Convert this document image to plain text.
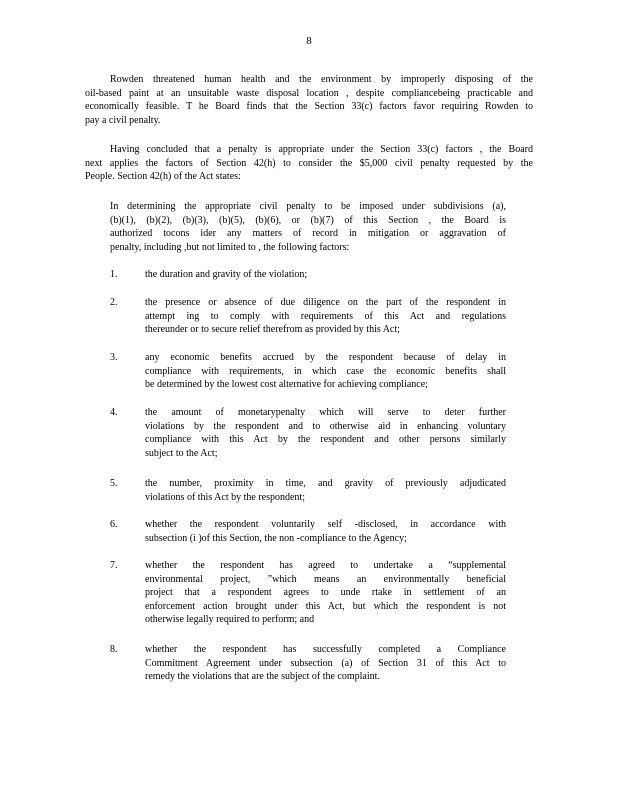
8
Rowden threatened human health and the environment by improperly disposing of the
oil-based paint at an unsuitable waste disposal location , despite compliancebeing practicable and
economically feasible. T he Board finds that the Section 33(c) factors favor requiring Rowden to
pay a civil penalty.
Having concluded that a penalty is appropriate under the Section 33(c) factors , the Board
next applies the factors of Section 42(h) to consider the $5,000 civil penalty requested by the
People. Section 42(h) of the Act states:
In determining the appropriate civil penalty to be imposed under subdivisions (a),
(b)(1), (b)(2), (b)(3), (b)(5), (b)(6), or (b)(7) of this Section , the Board is
authorized tocons ider any matters of record in mitigation or aggravation of
penalty, including ,but not limited to , the following factors:
1.	the duration and gravity of the violation;
2.	the presence or absence of due diligence on the part of the respondent in
attempt ing to comply with requirements of this Act and regulations
thereunder or to secure relief therefrom as provided by this Act;
3.	any economic benefits accrued by the respondent because of delay in
compliance with requirements, in which case the economic benefits shall
be determined by the lowest cost alternative for achieving compliance;
4.	the amount of monetarypenalty which will serve to deter further
violations by the respondent and to otherwise aid in enhancing voluntary
compliance with this Act by the respondent and other persons similarly
subject to the Act;
5.	the number, proximity in time, and gravity of previously adjudicated
violations of this Act by the respondent;
6.	whether the respondent voluntarily self -disclosed, in accordance with
subsection (i )of this Section, the non -compliance to the Agency;
7.	whether the respondent has agreed to undertake a “supplemental
environmental project, ”which means an environmentally beneficial
project that a respondent agrees to unde rtake in settlement of an
enforcement action brought under this Act, but which the respondent is not
otherwise legally required to perform; and
8.	whether the respondent has successfully completed a Compliance
Commitment Agreement under subsection (a) of Section 31 of this Act to
remedy the violations that are the subject of the complaint.
